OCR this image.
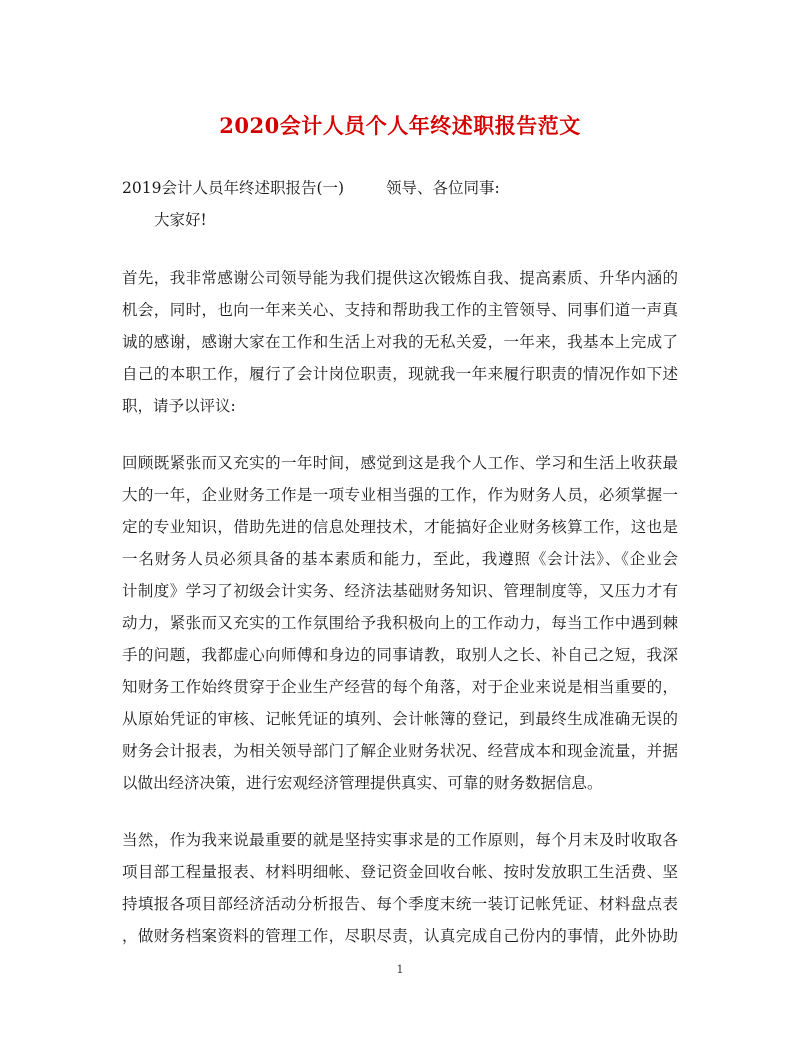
2020会计人员个人年终述职报告范文

2019会计人员年终述职报告(一)	领导、各位同事:

大家好!

首先，我非常感谢公司领导能为我们提供这次锻炼自我、提高素质、升华内涵的

机会，同时，也向一年来关心、支持和帮助我工作的主管领导、同事们道一声真

诚的感谢，感谢大家在工作和生活上对我的无私关爱，一年来，我基本上完成了

自己的本职工作，履行了会计岗位职责，现就我一年来履行职责的情况作如下述

职，请予以评议:

回顾既紧张而又充实的一年时间，感觉到这是我个人工作、学习和生活上收获最

大的一年，企业财务工作是一项专业相当强的工作，作为财务人员，必须掌握一

定的专业知识，借助先进的信息处理技术，才能搞好企业财务核算工作，这也是

一名财务人员必须具备的基本素质和能力，至此，我遵照《会计法》、《企业会

计制度》学习了初级会计实务、经济法基础财务知识、管理制度等，又压力才有

动力，紧张而又充实的工作氛围给予我积极向上的工作动力，每当工作中遇到棘

手的问题，我都虚心向师傅和身边的同事请教，取别人之长、补自己之短，我深

知财务工作始终贯穿于企业生产经营的每个角落，对于企业来说是相当重要的，

从原始凭证的审核、记帐凭证的填列、会计帐簿的登记，到最终生成准确无误的

财务会计报表，为相关领导部门了解企业财务状况、经营成本和现金流量，并据

以做出经济决策，进行宏观经济管理提供真实、可靠的财务数据信息。

当然，作为我来说最重要的就是坚持实事求是的工作原则，每个月末及时收取各

项目部工程量报表、材料明细帐、登记资金回收台帐、按时发放职工生活费、坚

持填报各项目部经济活动分析报告、每个季度末统一装订记帐凭证、材料盘点表

，做财务档案资料的管理工作，尽职尽责，认真完成自己份内的事情，此外协助

1
